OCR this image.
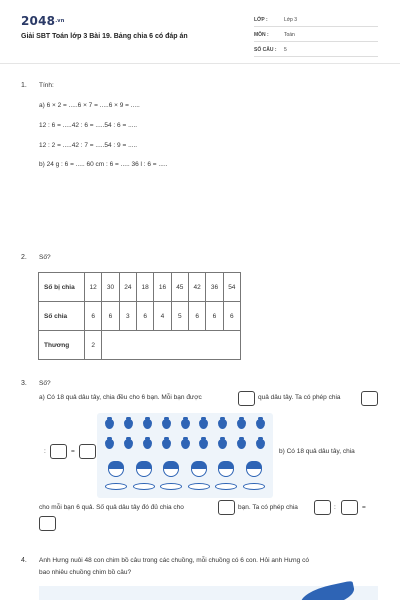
$2048^{.vn}$
Giải SBT Toán lớp 3 Bài 19. Bảng chia 6 có đáp án
LỚP :	Lớp 3
MÔN :	Toán
SỐ CÂU : 5
1. Tính:
a) 6 × 2 = .....6 × 7 = .....6 × 9 = .....
12 : 6 = .....42 : 6 = .....54 : 6 = .....
12 : 2 = .....42 : 7 = .....54 : 9 = .....
b) 24 g : 6 = ..... 60 cm : 6 = ..... 36 l : 6 = .....
2. Số?
Số bị chia	12	30	24	18	16	45	42	36	54
Số chia	6	6	3	6	4	5	6	6	6
Thương	2								
3. Số?
a) Có 18 quả dâu tây, chia đều cho 6 bạn. Mỗi bạn được	quả dâu tây. Ta có phép chia
:	=	b) Có 18 quả dâu tây, chia
cho mỗi bạn 6 quả. Số quả dâu tây đó đủ chia cho	bạn. Ta có phép chia	:	=
4. Anh Hưng nuôi 48 con chim bồ câu trong các chuồng, mỗi chuồng có 6 con. Hỏi anh Hưng có
bao nhiêu chuồng chim bồ câu?
